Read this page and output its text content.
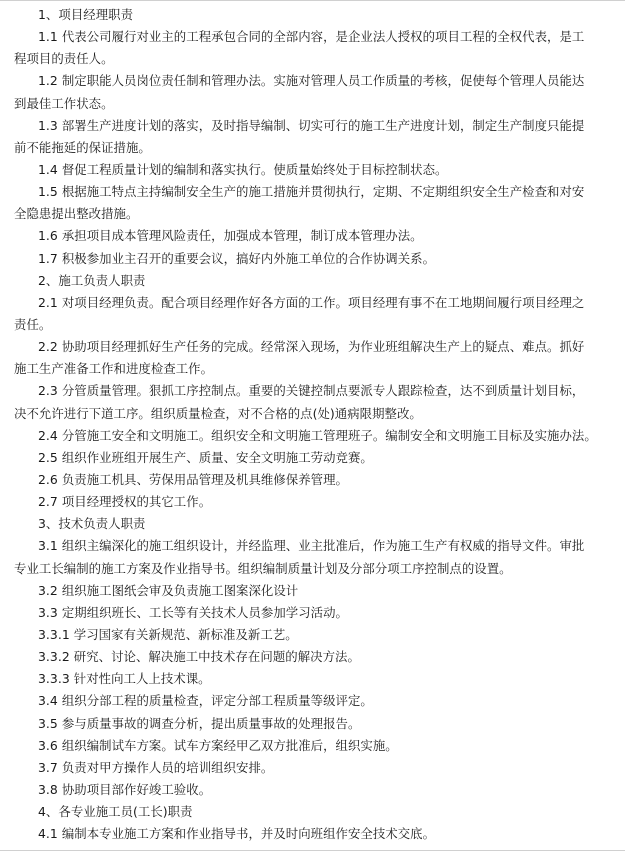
1、项目经理职责
1.1 代表公司履行对业主的工程承包合同的全部内容，是企业法人授权的项目工程的全权代表，是工
程项目的责任人。
1.2 制定职能人员岗位责任制和管理办法。实施对管理人员工作质量的考核，促使每个管理人员能达
到最佳工作状态。
1.3 部署生产进度计划的落实，及时指导编制、切实可行的施工生产进度计划，制定生产制度只能提
前不能拖延的保证措施。
1.4 督促工程质量计划的编制和落实执行。使质量始终处于目标控制状态。
1.5 根据施工特点主持编制安全生产的施工措施并贯彻执行，定期、不定期组织安全生产检查和对安
全隐患提出整改措施。
1.6 承担项目成本管理风险责任，加强成本管理，制订成本管理办法。
1.7 积极参加业主召开的重要会议，搞好内外施工单位的合作协调关系。
2、施工负责人职责
2.1 对项目经理负责。配合项目经理作好各方面的工作。项目经理有事不在工地期间履行项目经理之
责任。
2.2 协助项目经理抓好生产任务的完成。经常深入现场，为作业班组解决生产上的疑点、难点。抓好
施工生产准备工作和进度检查工作。
2.3 分管质量管理。狠抓工序控制点。重要的关键控制点要派专人跟踪检查，达不到质量计划目标，
决不允许进行下道工序。组织质量检查，对不合格的点(处)通病限期整改。
2.4 分管施工安全和文明施工。组织安全和文明施工管理班子。编制安全和文明施工目标及实施办法。
2.5 组织作业班组开展生产、质量、安全文明施工劳动竞赛。
2.6 负责施工机具、劳保用品管理及机具维修保养管理。
2.7 项目经理授权的其它工作。
3、技术负责人职责
3.1 组织主编深化的施工组织设计，并经监理、业主批准后，作为施工生产有权威的指导文件。审批
专业工长编制的施工方案及作业指导书。组织编制质量计划及分部分项工序控制点的设置。
3.2 组织施工图纸会审及负责施工图案深化设计
3.3 定期组织班长、工长等有关技术人员参加学习活动。
3.3.1 学习国家有关新规范、新标准及新工艺。
3.3.2 研究、讨论、解决施工中技术存在问题的解决方法。
3.3.3 针对性向工人上技术课。
3.4 组织分部工程的质量检查，评定分部工程质量等级评定。
3.5 参与质量事故的调查分析，提出质量事故的处理报告。
3.6 组织编制试车方案。试车方案经甲乙双方批准后，组织实施。
3.7 负责对甲方操作人员的培训组织安排。
3.8 协助项目部作好竣工验收。
4、各专业施工员(工长)职责
4.1 编制本专业施工方案和作业指导书，并及时向班组作安全技术交底。
